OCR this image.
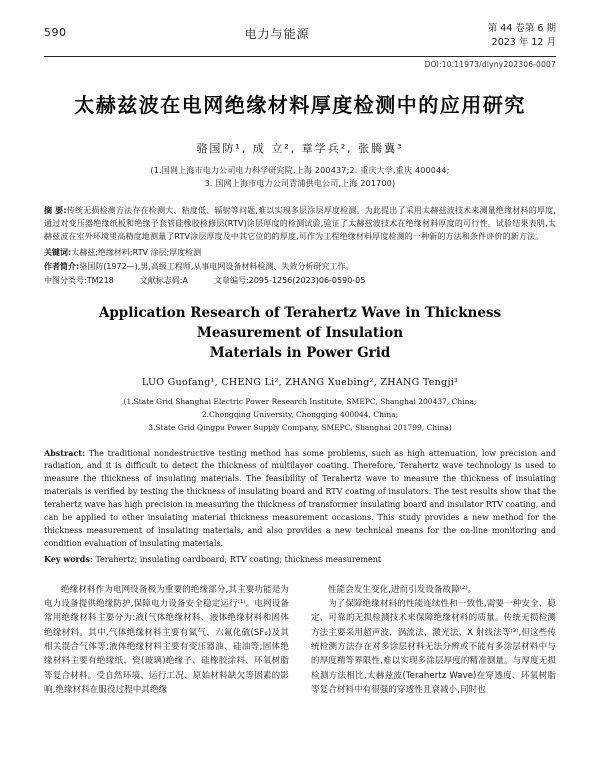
590	电力与能源	第 44 卷第 6 期
2023 年 12 月
DOI:10.11973/dlyny202306-0007
太赫兹波在电网绝缘材料厚度检测中的应用研究
骆国防¹, 成 立², 章学兵², 张腾冀³
(1.国网上海市电力公司电力科学研究院,上海 200437;2. 重庆大学,重庆 400044;
3. 国网上海市电力公司青浦供电公司,上海 201700)
摘 要:传统无损检测方法存在检测大、粘度低、辐射等问题,难以实现多层涂层厚度检测。为此提出了采用太赫兹波技术来测量绝缘材料的厚度,通过对变压器绝缘纸板和绝缘子套管硅橡胶检修层(RTV)涂层厚度的检测试验,验证了太赫兹波技术在绝缘材料厚度的可行性。试验结果表明,太赫兹波在室外环境里高精度地测量了RTV涂层厚度及中其它位的的厚度,可作为工程绝缘材料厚度检测的一种新的方法和条件评价的新方法。
关键词:太赫兹;绝缘材料;RTV 涂层;厚度检测
作者简介:骆国防(1972—),男,高级工程师,从事电网设备材料检测、失效分析研究工作。
中图分类号:TM218	文献标志码:A	文章编号:2095-1256(2023)06-0590-05
Application Research of Terahertz Wave in Thickness Measurement of Insulation
Materials in Power Grid
LUO Guofang¹, CHENG Li², ZHANG Xuebing², ZHANG Tengji³
(1.State Grid Shanghai Electric Power Research Institute, SMEPC, Shanghai 200437, China;
2.Chongqing University, Chongqing 400044, China;
3.State Grid Qingpu Power Supply Company, SMEPC, Shanghai 201799, China)
Abstract: The traditional nondestructive testing method has some problems, such as high attenuation, low precision and radiation, and it is difficult to detect the thickness of multilayer coating. Therefore, Terahertz wave technology is used to measure the thickness of insulating materials. The feasibility of Terahertz wave to measure the thickness of insulating materials is verified by testing the thickness of insulating board and RTV coating of insulators. The test results show that the terahertz wave has high precision in measuring the thickness of transformer insulating board and insulator RTV coating, and can be applied to other insulating material thickness measurement occasions. This study provides a new method for the thickness measurement of insulating materials, and also provides a new technical means for the on-line monitoring and condition evaluation of insulating materials.
Key words: Terahertz; insulating cardboard; RTV coating; thickness measurement

绝缘材料作为电网设备极为重要的绝缘部分,其主要功能是为电力设备提供绝缘防护,保障电力设备安全稳定运行⁽¹⁾。电网设备常用绝缘材料主要分为:液(气体绝缘材料、液体绝缘材料和固体绝缘材料。其中,气体绝缘材料主要有氮气、六氟化硫(SF₆)及其相关混合气体等;液体绝缘材料主要有变压器油、硅油等;固体绝缘材料主要有绝缘纸、瓷(玻璃)绝缘子、硅橡胶涂料、环氧树脂等复合材料。受自然环境、运行工况、原始材料缺欠等因素的影响,绝缘材料在服役过程中其绝缘

性能会发生变化,进而引发设备故障⁽²⁾。

为了保障绝缘材料的性能连续性和一致性,需要一种安全、稳定、可靠的无损检测技术来保障绝缘材料的质量。传统无损检测方法主要采用超声波、涡流法、激光法、X 射线法等⁽³⁾,但这些传统检测方法存在对多涂层材料无法分辨或不能有多涂层材料中与的厚度精等界限性,难以实现多涂层厚度的精准测量。与厚度无损检测方法相比,太赫兹波(Terahertz Wave)在穿透度、环氧树脂等复合材料中有很强的穿透性且衰减小,同时也
